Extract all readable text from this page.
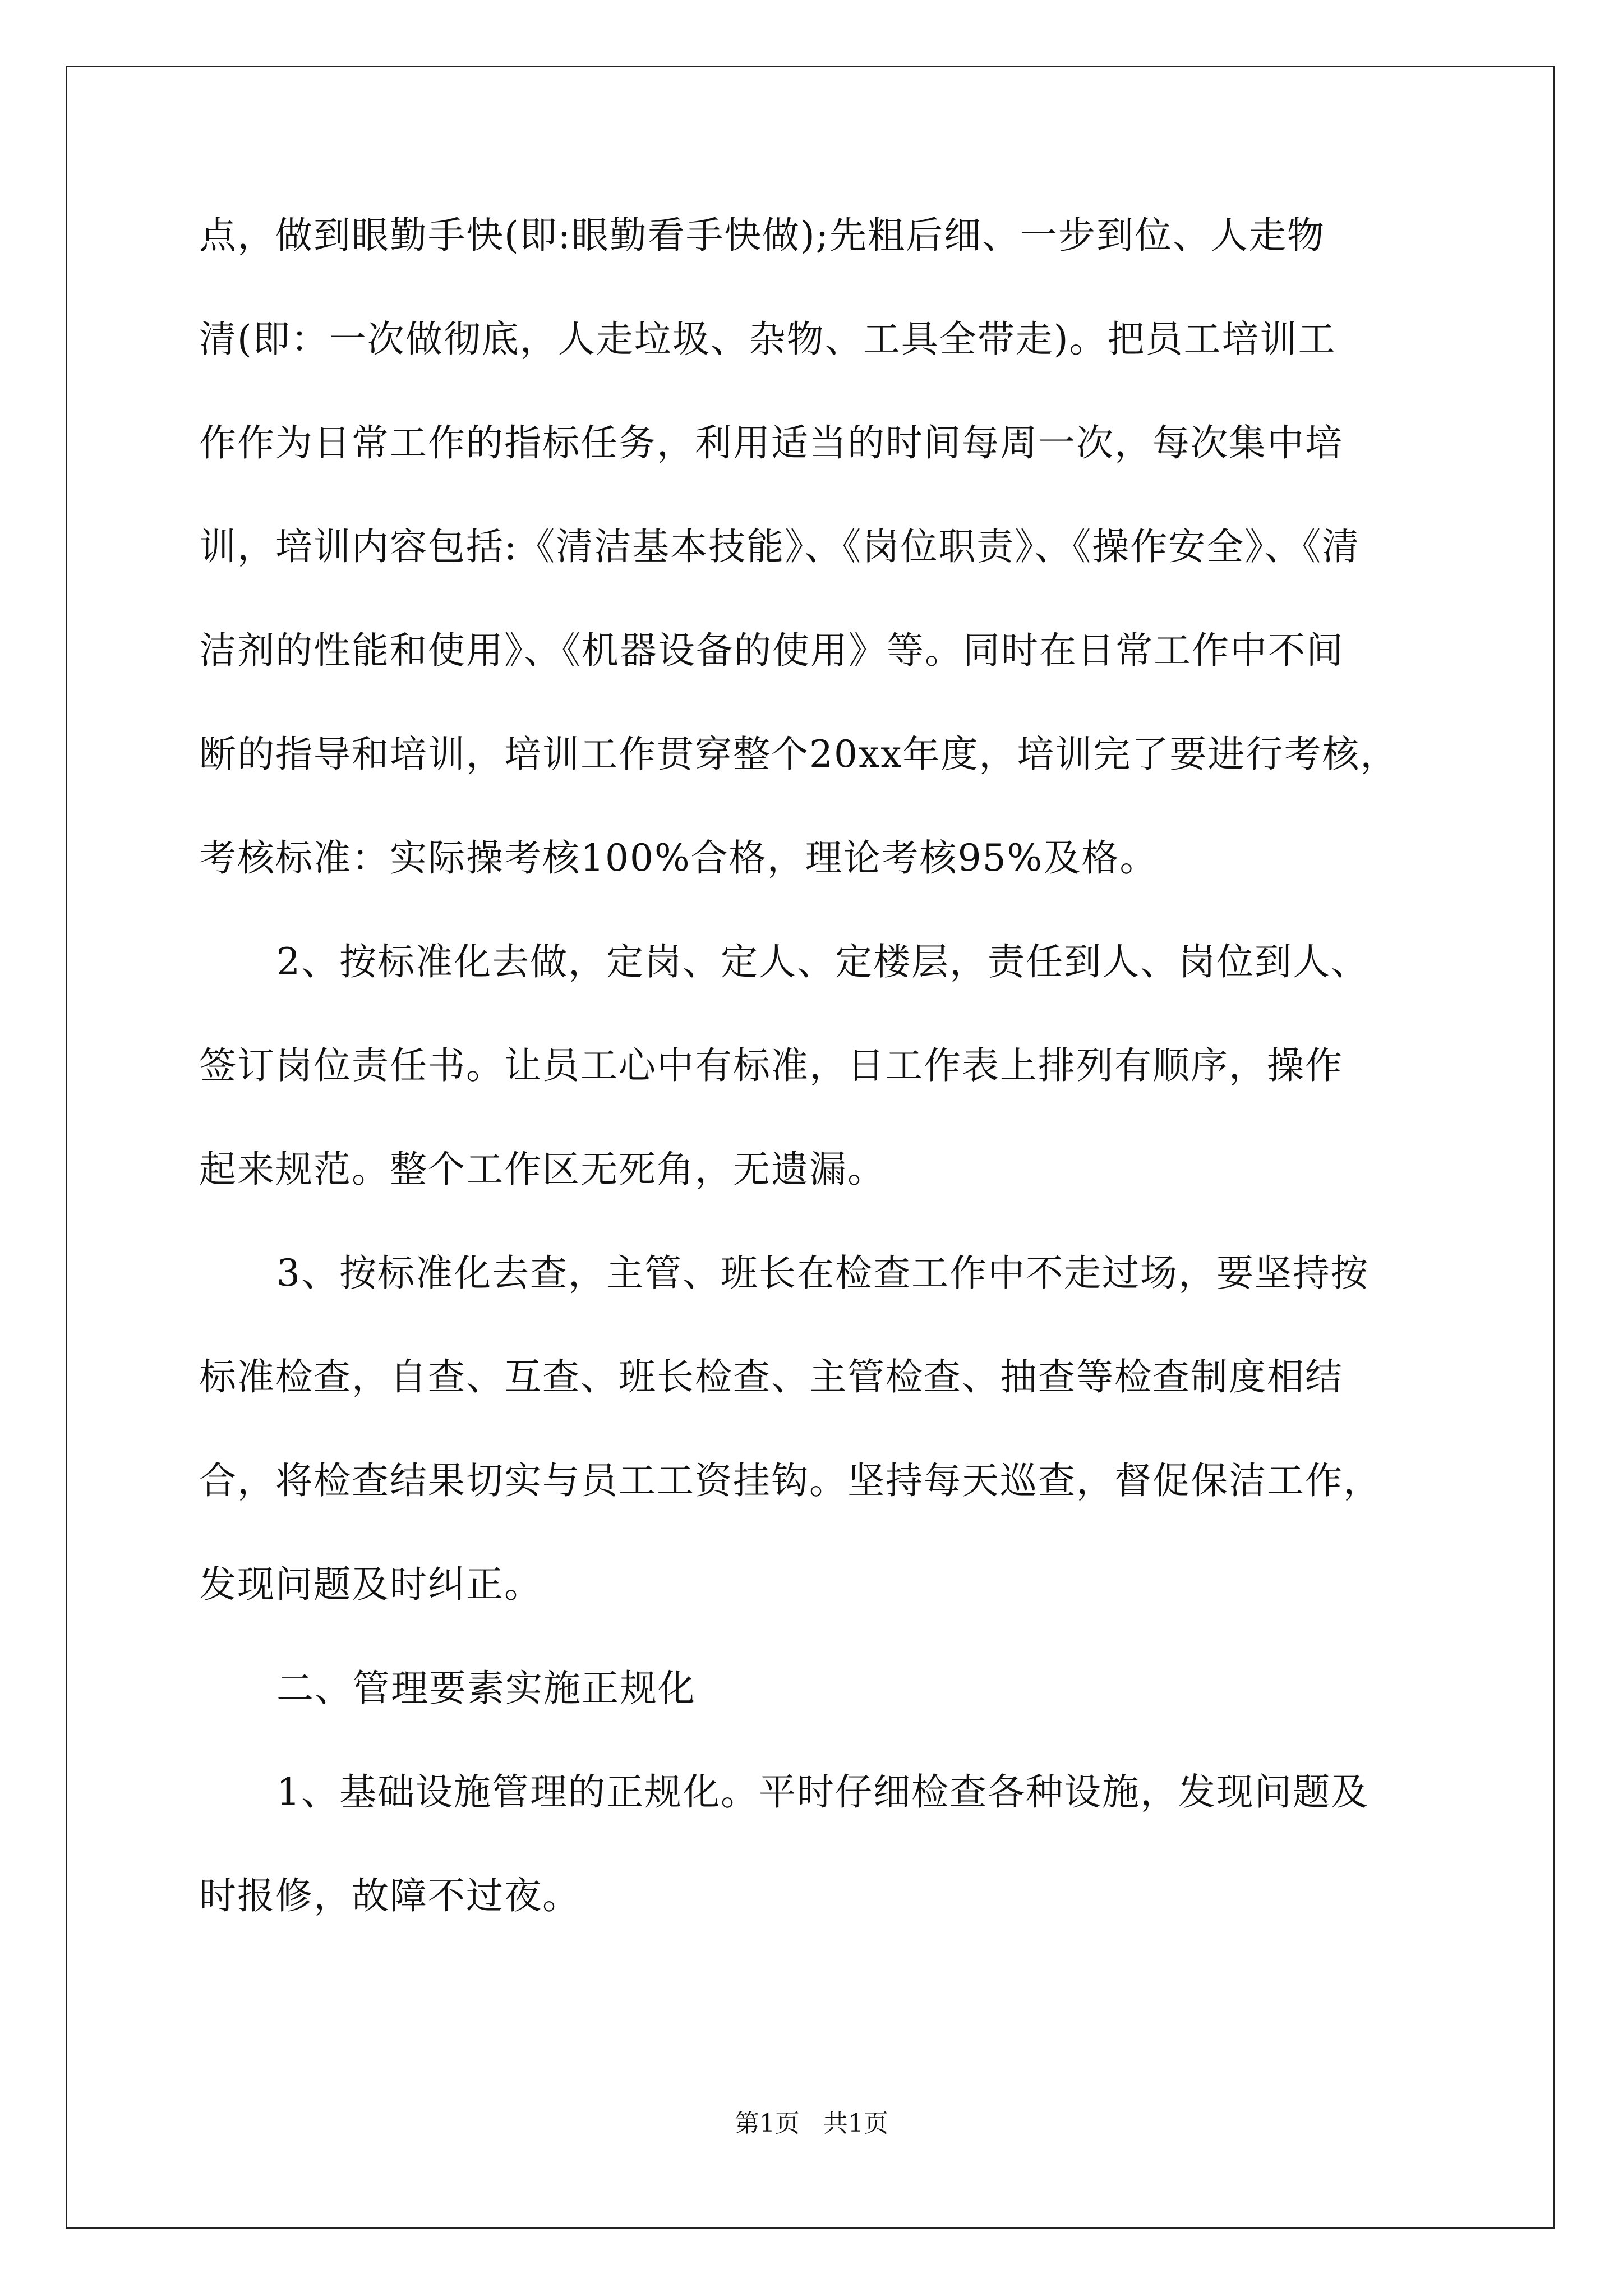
点，做到眼勤手快(即:眼勤看手快做);先粗后细、一步到位、人走物
清(即：一次做彻底，人走垃圾、杂物、工具全带走)。把员工培训工
作作为日常工作的指标任务，利用适当的时间每周一次，每次集中培
训，培训内容包括:《清洁基本技能》、《岗位职责》、《操作安全》、《清
洁剂的性能和使用》、《机器设备的使用》等。同时在日常工作中不间
断的指导和培训，培训工作贯穿整个20xx年度，培训完了要进行考核，
考核标准：实际操考核100%合格，理论考核95%及格。
2、按标准化去做，定岗、定人、定楼层，责任到人、岗位到人、
签订岗位责任书。让员工心中有标准，日工作表上排列有顺序，操作
起来规范。整个工作区无死角，无遗漏。
3、按标准化去查，主管、班长在检查工作中不走过场，要坚持按
标准检查，自查、互查、班长检查、主管检查、抽查等检查制度相结
合，将检查结果切实与员工工资挂钩。坚持每天巡查，督促保洁工作，
发现问题及时纠正。
二、管理要素实施正规化
1、基础设施管理的正规化。平时仔细检查各种设施，发现问题及
时报修，故障不过夜。
第1页   共1页
